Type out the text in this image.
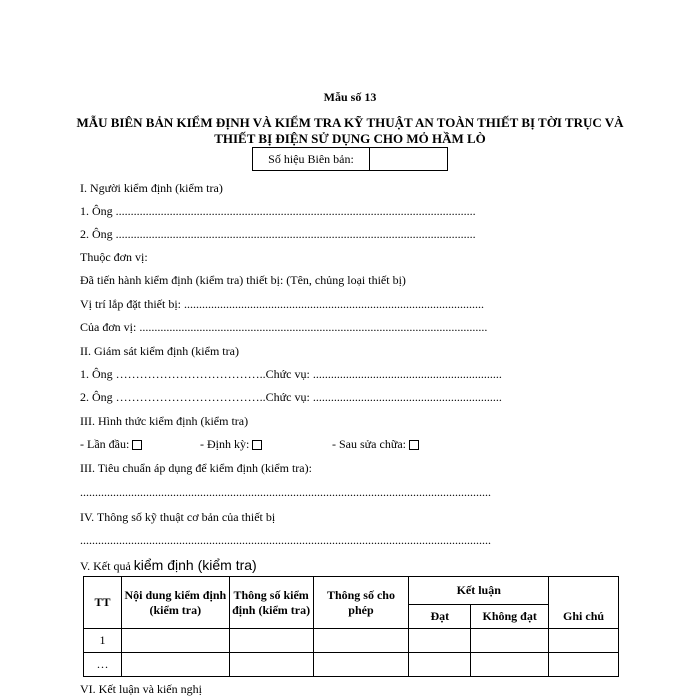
Mẫu số 13
MẪU BIÊN BẢN KIỂM ĐỊNH VÀ KIỂM TRA KỸ THUẬT AN TOÀN THIẾT BỊ TỜI TRỤC VÀ
THIẾT BỊ ĐIỆN SỬ DỤNG CHO MỎ HẦM LÒ
Số hiệu Biên bản:
I. Người kiểm định (kiểm tra)
1. Ông ........................................................................................................................
2. Ông ........................................................................................................................
Thuộc đơn vị:
Đã tiến hành kiểm định (kiểm tra) thiết bị: (Tên, chủng loại thiết bị)
Vị trí lắp đặt thiết bị: ....................................................................................................
Của đơn vị: ....................................................................................................................
II. Giám sát kiểm định (kiểm tra)
1. Ông ………………………………..Chức vụ: ...............................................................
2. Ông ………………………………..Chức vụ: ...............................................................
III. Hình thức kiểm định (kiểm tra)
- Lần đầu:	- Định kỳ:	- Sau sửa chữa:
III. Tiêu chuẩn áp dụng để kiểm định (kiểm tra):
.........................................................................................................................................
IV. Thông số kỹ thuật cơ bản của thiết bị
.........................................................................................................................................
V. Kết quả kiểm định (kiểm tra)
TT	Nội dung kiểm định (kiểm tra)	Thông số kiểm định (kiểm tra)	Thông số cho phép	Kết luận		Ghi chú
				Đạt	Không đạt	
1						
…						
VI. Kết luận và kiến nghị
